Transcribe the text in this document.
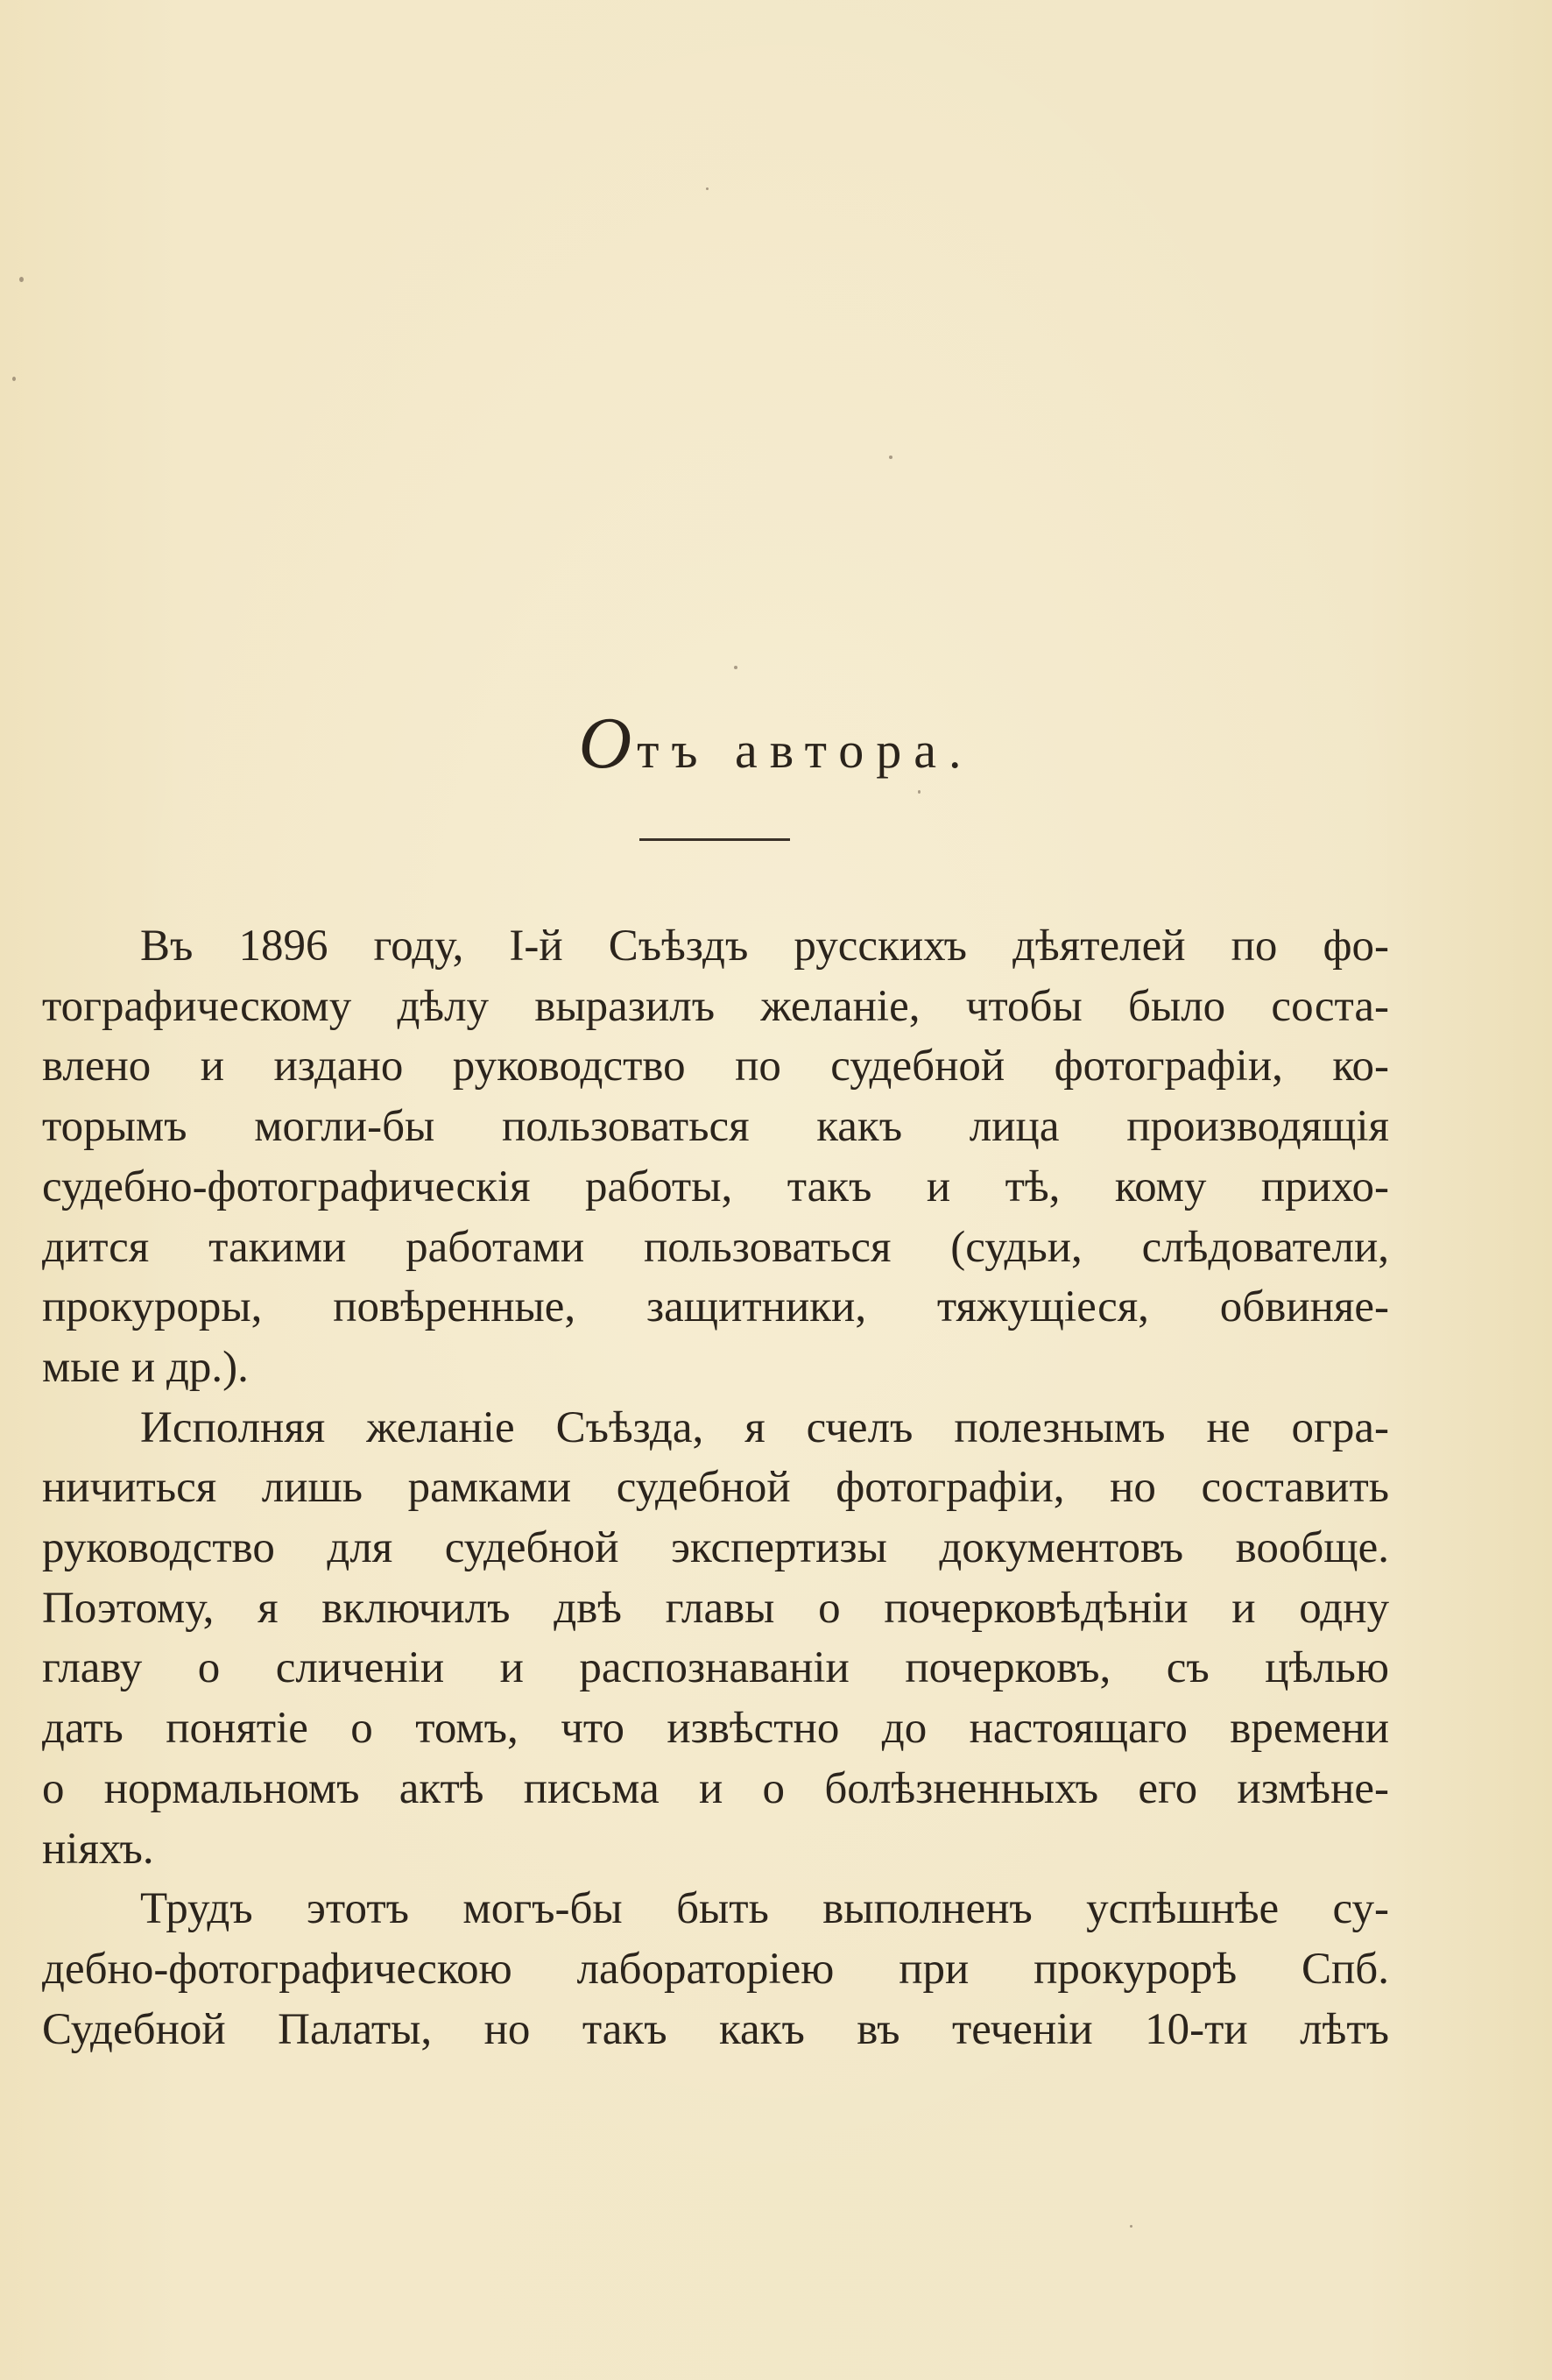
Отъ автора.
Въ 1896 году, І-й Съѣздъ русскихъ дѣятелей по фо-
тографическому дѣлу выразилъ желаніе, чтобы было соста-
влено и издано руководство по судебной фотографіи, ко-
торымъ могли-бы пользоваться какъ лица производящія
судебно-фотографическія работы, такъ и тѣ, кому прихо-
дится такими работами пользоваться (судьи, слѣдователи,
прокуроры, повѣренные, защитники, тяжущіеся, обвиняе-
мые и др.).
Исполняя желаніе Съѣзда, я счелъ полезнымъ не огра-
ничиться лишь рамками судебной фотографіи, но составить
руководство для судебной экспертизы документовъ вообще.
Поэтому, я включилъ двѣ главы о почерковѣдѣніи и одну
главу о сличеніи и распознаваніи почерковъ, съ цѣлью
дать понятіе о томъ, что извѣстно до настоящаго времени
о нормальномъ актѣ письма и о болѣзненныхъ его измѣне-
ніяхъ.
Трудъ этотъ могъ-бы быть выполненъ успѣшнѣе су-
дебно-фотографическою лабораторіею при прокурорѣ Спб.
Судебной Палаты, но такъ какъ въ теченіи 10-ти лѣтъ
